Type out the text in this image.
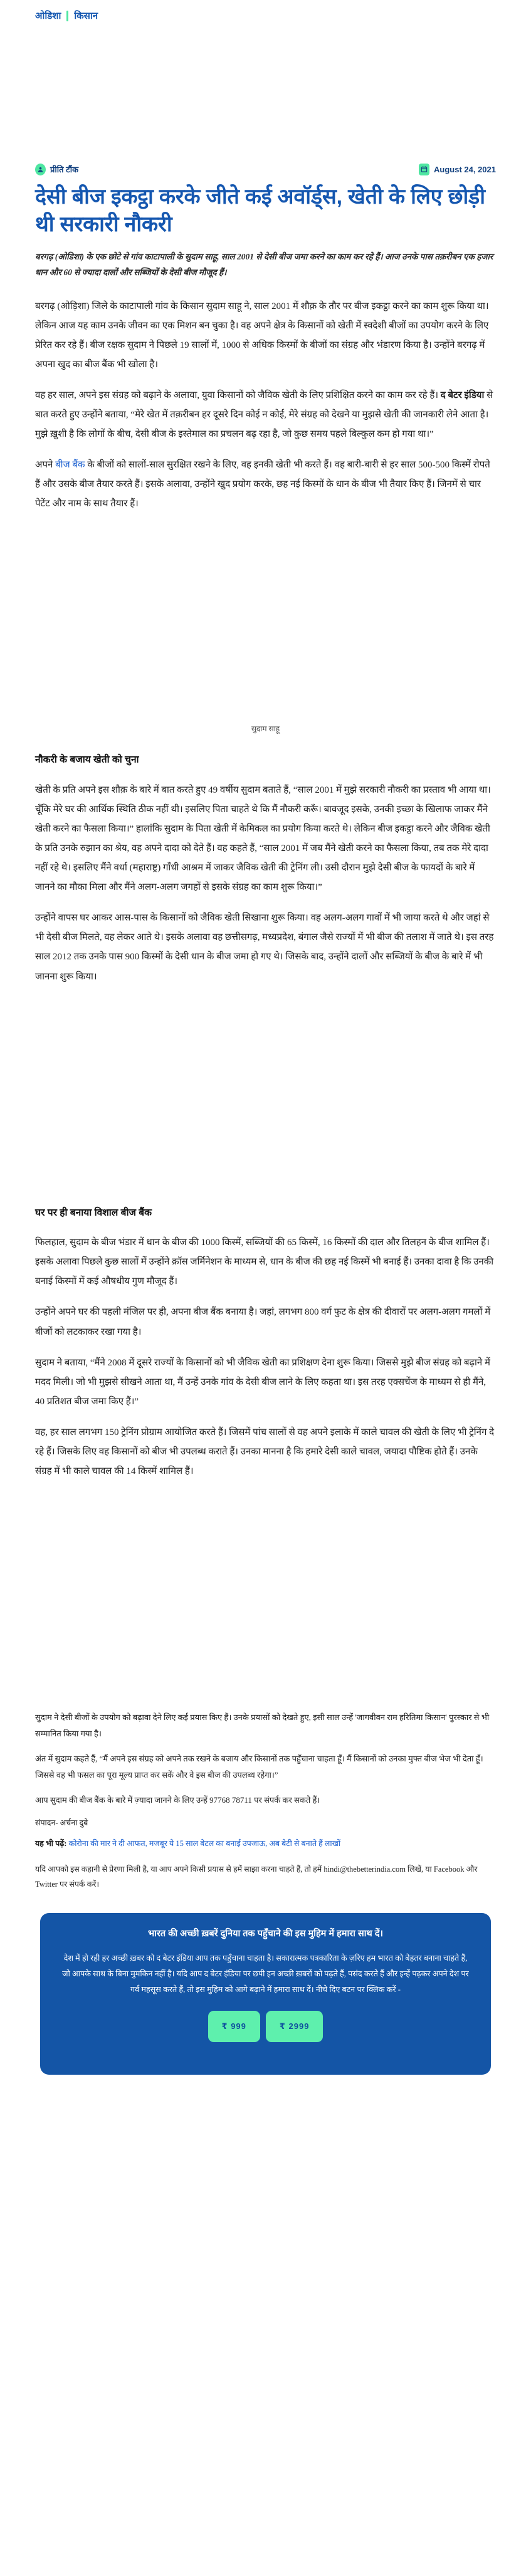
ओडिशा किसान
प्रीति टौंक	August 24, 2021
देसी बीज इकट्ठा करके जीते कई अवॉर्ड्स, खेती के लिए छोड़ी थी सरकारी नौकरी

बरगढ़ (ओडिशा) के एक छोटे से गांव काटापाली के सुदाम साहू, साल 2001 से देसी बीज जमा करने का काम कर रहे हैं। आज उनके पास तक़रीबन एक हजार धान और 60 से ज्यादा दालों और सब्जियों के देसी बीज मौजूद हैं।

बरगढ़ (ओड़िशा) जिले के काटापाली गांव के किसान सुदाम साहू ने, साल 2001 में शौक़ के तौर पर बीज इकट्ठा करने का काम शुरू किया था। लेकिन आज यह काम उनके जीवन का एक मिशन बन चुका है। वह अपने क्षेत्र के किसानों को खेती में स्वदेशी बीजों का उपयोग करने के लिए प्रेरित कर रहे हैं। बीज रक्षक सुदाम ने पिछले 19 सालों में, 1000 से अधिक किस्मों के बीजों का संग्रह और भंडारण किया है। उन्होंने बरगढ़ में अपना खुद का बीज बैंक भी खोला है।

वह हर साल, अपने इस संग्रह को बढ़ाने के अलावा, युवा किसानों को जैविक खेती के लिए प्रशिक्षित करने का काम कर रहे हैं। द बेटर इंडिया से बात करते हुए उन्होंने बताया, “मेरे खेत में तक़रीबन हर दूसरे दिन कोई न कोई, मेरे संग्रह को देखने या मुझसे खेती की जानकारी लेने आता है। मुझे ख़ुशी है कि लोगों के बीच, देसी बीज के इस्तेमाल का प्रचलन बढ़ रहा है, जो कुछ समय पहले बिल्कुल कम हो गया था।”

अपने बीज बैंक के बीजों को सालों-साल सुरक्षित रखने के लिए, वह इनकी खेती भी करते हैं। वह बारी-बारी से हर साल 500-500 किस्में रोपते हैं और उसके बीज तैयार करते हैं। इसके अलावा, उन्होंने खुद प्रयोग करके, छह नई किस्मों के धान के बीज भी तैयार किए हैं। जिनमें से चार पेटेंट और नाम के साथ तैयार हैं।

सुदाम साहू
नौकरी के बजाय खेती को चुना

खेती के प्रति अपने इस शौक़ के बारे में बात करते हुए 49 वर्षीय सुदाम बताते हैं, “साल 2001 में मुझे सरकारी नौकरी का प्रस्ताव भी आया था। चूँकि मेरे घर की आर्थिक स्थिति ठीक नहीं थी। इसलिए पिता चाहते थे कि मैं नौकरी करूँ। बावजूद इसके, उनकी इच्छा के खिलाफ जाकर मैंने खेती करने का फैसला किया।” हालांकि सुदाम के पिता खेती में केमिकल का प्रयोग किया करते थे। लेकिन बीज इकट्ठा करने और जैविक खेती के प्रति उनके रुझान का श्रेय, वह अपने दादा को देते हैं। वह कहते हैं, “साल 2001 में जब मैंने खेती करने का फैसला किया, तब तक मेरे दादा नहीं रहे थे। इसलिए मैंने वर्धा (महाराष्ट्र) गाँधी आश्रम में जाकर जैविक खेती की ट्रेनिंग ली। उसी दौरान मुझे देसी बीज के फायदों के बारे में जानने का मौका मिला और मैंने अलग-अलग जगहों से इसके संग्रह का काम शुरू किया।”

उन्होंने वापस घर आकर आस-पास के किसानों को जैविक खेती सिखाना शुरू किया। वह अलग-अलग गावों में भी जाया करते थे और जहां से भी देसी बीज मिलते, वह लेकर आते थे। इसके अलावा वह छत्तीसगढ़, मध्यप्रदेश, बंगाल जैसे राज्यों में भी बीज की तलाश में जाते थे। इस तरह साल 2012 तक उनके पास 900 किस्मों के देसी धान के बीज जमा हो गए थे। जिसके बाद, उन्होंने दालों और सब्जियों के बीज के बारे में भी जानना शुरू किया।

घर पर ही बनाया विशाल बीज बैंक

फिलहाल, सुदाम के बीज भंडार में धान के बीज की 1000 किस्में, सब्जियों की 65 किस्में, 16 किस्मों की दाल और तिलहन के बीज शामिल हैं। इसके अलावा पिछले कुछ सालों में उन्होंने क्रॉस जर्मिनेशन के माध्यम से, धान के बीज की छह नई किस्में भी बनाई हैं। उनका दावा है कि उनकी बनाई किस्मों में कई औषधीय गुण मौजूद हैं।

उन्होंने अपने घर की पहली मंजिल पर ही, अपना बीज बैंक बनाया है। जहां, लगभग 800 वर्ग फुट के क्षेत्र की दीवारों पर अलग-अलग गमलों में बीजों को लटकाकर रखा गया है।

सुदाम ने बताया, “मैंने 2008 में दूसरे राज्यों के किसानों को भी जैविक खेती का प्रशिक्षण देना शुरू किया। जिससे मुझे बीज संग्रह को बढ़ाने में मदद मिली। जो भी मुझसे सीखने आता था, मैं उन्हें उनके गांव के देसी बीज लाने के लिए कहता था। इस तरह एक्सचेंज के माध्यम से ही मैंने, 40 प्रतिशत बीज जमा किए हैं।”

वह, हर साल लगभग 150 ट्रेनिंग प्रोग्राम आयोजित करते हैं। जिसमें पांच सालों से वह अपने इलाके में काले चावल की खेती के लिए भी ट्रेनिंग दे रहे हैं। जिसके लिए वह किसानों को बीज भी उपलब्ध कराते हैं। उनका मानना है कि हमारे देसी काले चावल, जयादा पौष्टिक होते हैं। उनके संग्रह में भी काले चावल की 14 किस्में शामिल हैं।

सुदाम ने देसी बीजों के उपयोग को बढ़ावा देने लिए कई प्रयास किए हैं। उनके प्रयासों को देखते हुए, इसी साल उन्हें 'जागवीवन राम हरितिमा किसान' पुरस्कार से भी सम्मानित किया गया है।

अंत में सुदाम कहते हैं, “मैं अपने इस संग्रह को अपने तक रखने के बजाय और किसानों तक पहुँचाना चाहता हूँ। मैं किसानों को उनका मुफ्त बीज भेज भी देता हूँ। जिससे वह भी फसल का पूरा मूल्य प्राप्त कर सकें और वे इस बीज की उपलब्ध रहेगा।”

आप सुदाम की बीज बैंक के बारे में ज़्यादा जानने के लिए उन्हें 97768 78711 पर संपर्क कर सकते हैं।

संपादन- अर्चना दुबे
यह भी पढ़ें: कोरोना की मार ने दी आफत, मजबूर ये 15 साल बेटल का बनाई उपजाऊ, अब बेटी से बनाते हैं लाखों
यदि आपको इस कहानी से प्रेरणा मिली है, या आप अपने किसी प्रयास से हमें साझा करना चाहते हैं, तो हमें hindi@thebetterindia.com लिखें, या Facebook और Twitter पर संपर्क करें।
भारत की अच्छी ख़बरें दुनिया तक पहुँचाने की इस मुहिम में हमारा साथ दें।
देश में हो रही हर अच्छी ख़बर को द बेटर इंडिया आप तक पहुँचाना चाहता है। सकारात्मक पत्रकारिता के ज़रिए हम भारत को बेहतर बनाना चाहते हैं, जो आपके साथ के बिना मुमकिन नहीं है। यदि आप द बेटर इंडिया पर छपी इन अच्छी ख़बरों को पढ़ते हैं, पसंद करते हैं और इन्हें पढ़कर अपने देश पर गर्व महसूस करते हैं, तो इस मुहिम को आगे बढ़ाने में हमारा साथ दें। नीचे दिए बटन पर क्लिक करें -
₹ 999	₹ 2999
